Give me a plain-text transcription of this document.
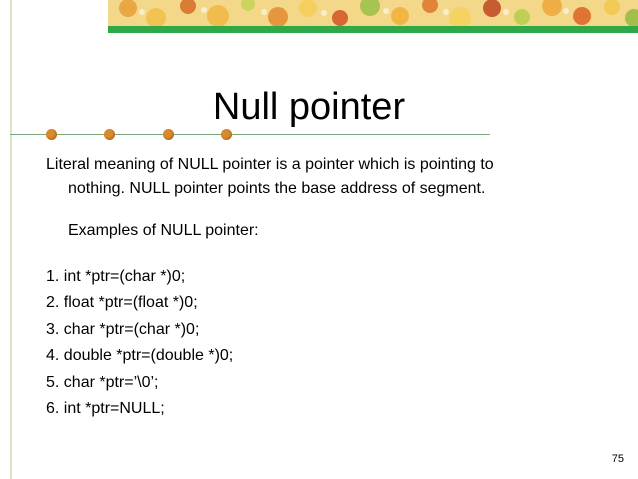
Null pointer
Literal meaning of NULL pointer is a pointer which is pointing to
nothing. NULL pointer points the base address of segment.
Examples of NULL pointer:
1. int *ptr=(char *)0;
2. float *ptr=(float *)0;
3. char *ptr=(char *)0;
4. double *ptr=(double *)0;
5. char *ptr=’\0’;
6. int *ptr=NULL;
75
